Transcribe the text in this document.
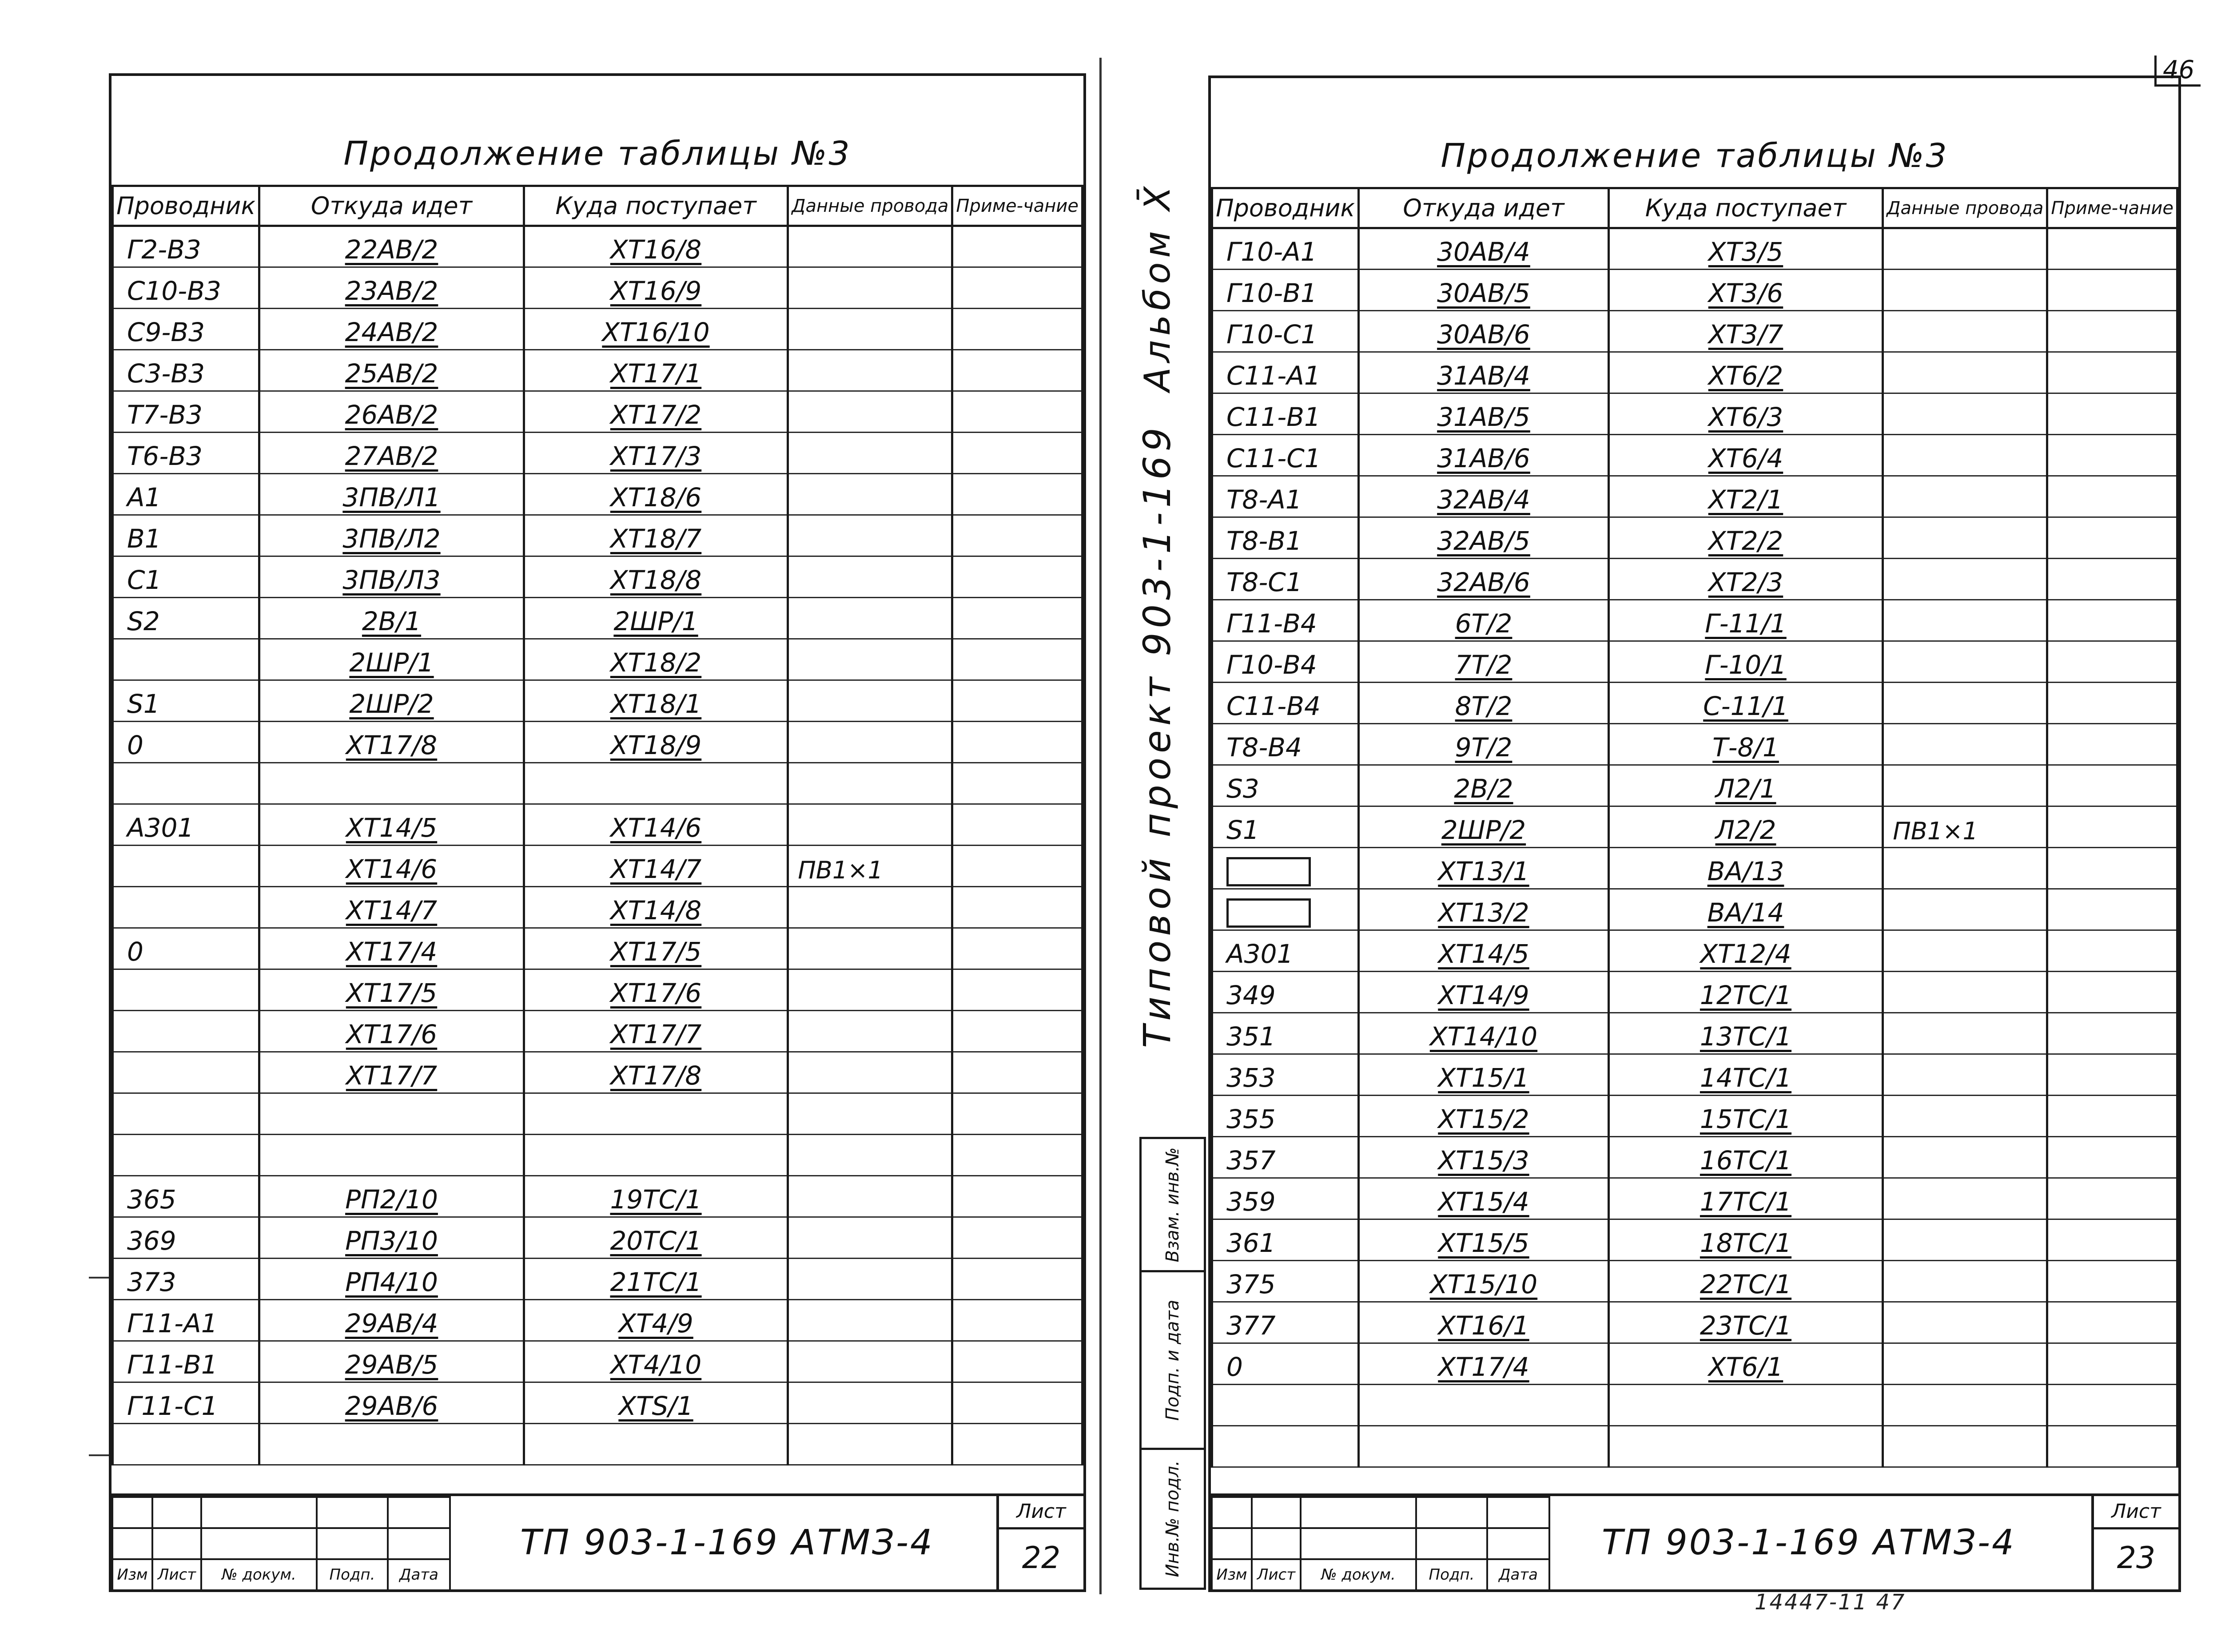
Продолжение таблицы №3
Проводник	Откуда идет	Куда поступает	Данные провода	Приме-чание
Г2-В3	22АВ/2	ХТ16/8		
С10-В3	23АВ/2	ХТ16/9		
С9-В3	24АВ/2	ХТ16/10		
С3-В3	25АВ/2	ХТ17/1		
Т7-В3	26АВ/2	ХТ17/2		
Т6-В3	27АВ/2	ХТ17/3		
А1	3ПВ/Л1	ХТ18/6		
В1	3ПВ/Л2	ХТ18/7		
С1	3ПВ/Л3	ХТ18/8		
S2	2В/1	2ШР/1		
	2ШР/1	ХТ18/2		
S1	2ШР/2	ХТ18/1		
0	ХТ17/8	ХТ18/9		

А301	ХТ14/5	ХТ14/6		
	ХТ14/6	ХТ14/7	ПВ1×1	
	ХТ14/7	ХТ14/8		
0	ХТ17/4	ХТ17/5		
	ХТ17/5	ХТ17/6		
	ХТ17/6	ХТ17/7		
	ХТ17/7	ХТ17/8		

365	РП2/10	19ТС/1		
369	РП3/10	20ТС/1		
373	РП4/10	21ТС/1		
Г11-А1	29АВ/4	ХТ4/9		
Г11-В1	29АВ/5	ХТ4/10		
Г11-С1	29АВ/6	ХТS/1		

Изм	Лист	№ докум.	Подп.	Дата
ТП 903-1-169 АТМЗ-4
Лист
22
Типовой проект 903-1-169
Альбом X̄
Взам. инв.№
Подп. и дата
Инв.№ подл.
Продолжение таблицы №3
Проводник	Откуда идет	Куда поступает	Данные провода	Приме-чание
Г10-А1	30АВ/4	ХТ3/5		
Г10-В1	30АВ/5	ХТ3/6		
Г10-С1	30АВ/6	ХТ3/7		
С11-А1	31АВ/4	ХТ6/2		
С11-В1	31АВ/5	ХТ6/3		
С11-С1	31АВ/6	ХТ6/4		
Т8-А1	32АВ/4	ХТ2/1		
Т8-В1	32АВ/5	ХТ2/2		
Т8-С1	32АВ/6	ХТ2/3		
Г11-В4	6Т/2	Г-11/1		
Г10-В4	7Т/2	Г-10/1		
С11-В4	8Т/2	С-11/1		
Т8-В4	9Т/2	Т-8/1		
S3	2В/2	Л2/1		
S1	2ШР/2	Л2/2	ПВ1×1	
	ХТ13/1	ВА/13		
	ХТ13/2	ВА/14		
А301	ХТ14/5	ХТ12/4		
349	ХТ14/9	12ТС/1		
351	ХТ14/10	13ТС/1		
353	ХТ15/1	14ТС/1		
355	ХТ15/2	15ТС/1		
357	ХТ15/3	16ТС/1		
359	ХТ15/4	17ТС/1		
361	ХТ15/5	18ТС/1		
375	ХТ15/10	22ТС/1		
377	ХТ16/1	23ТС/1		
0	ХТ17/4	ХТ6/1		

Изм	Лист	№ докум.	Подп.	Дата
ТП 903-1-169 АТМЗ-4
Лист
23
46
14447-11 47
